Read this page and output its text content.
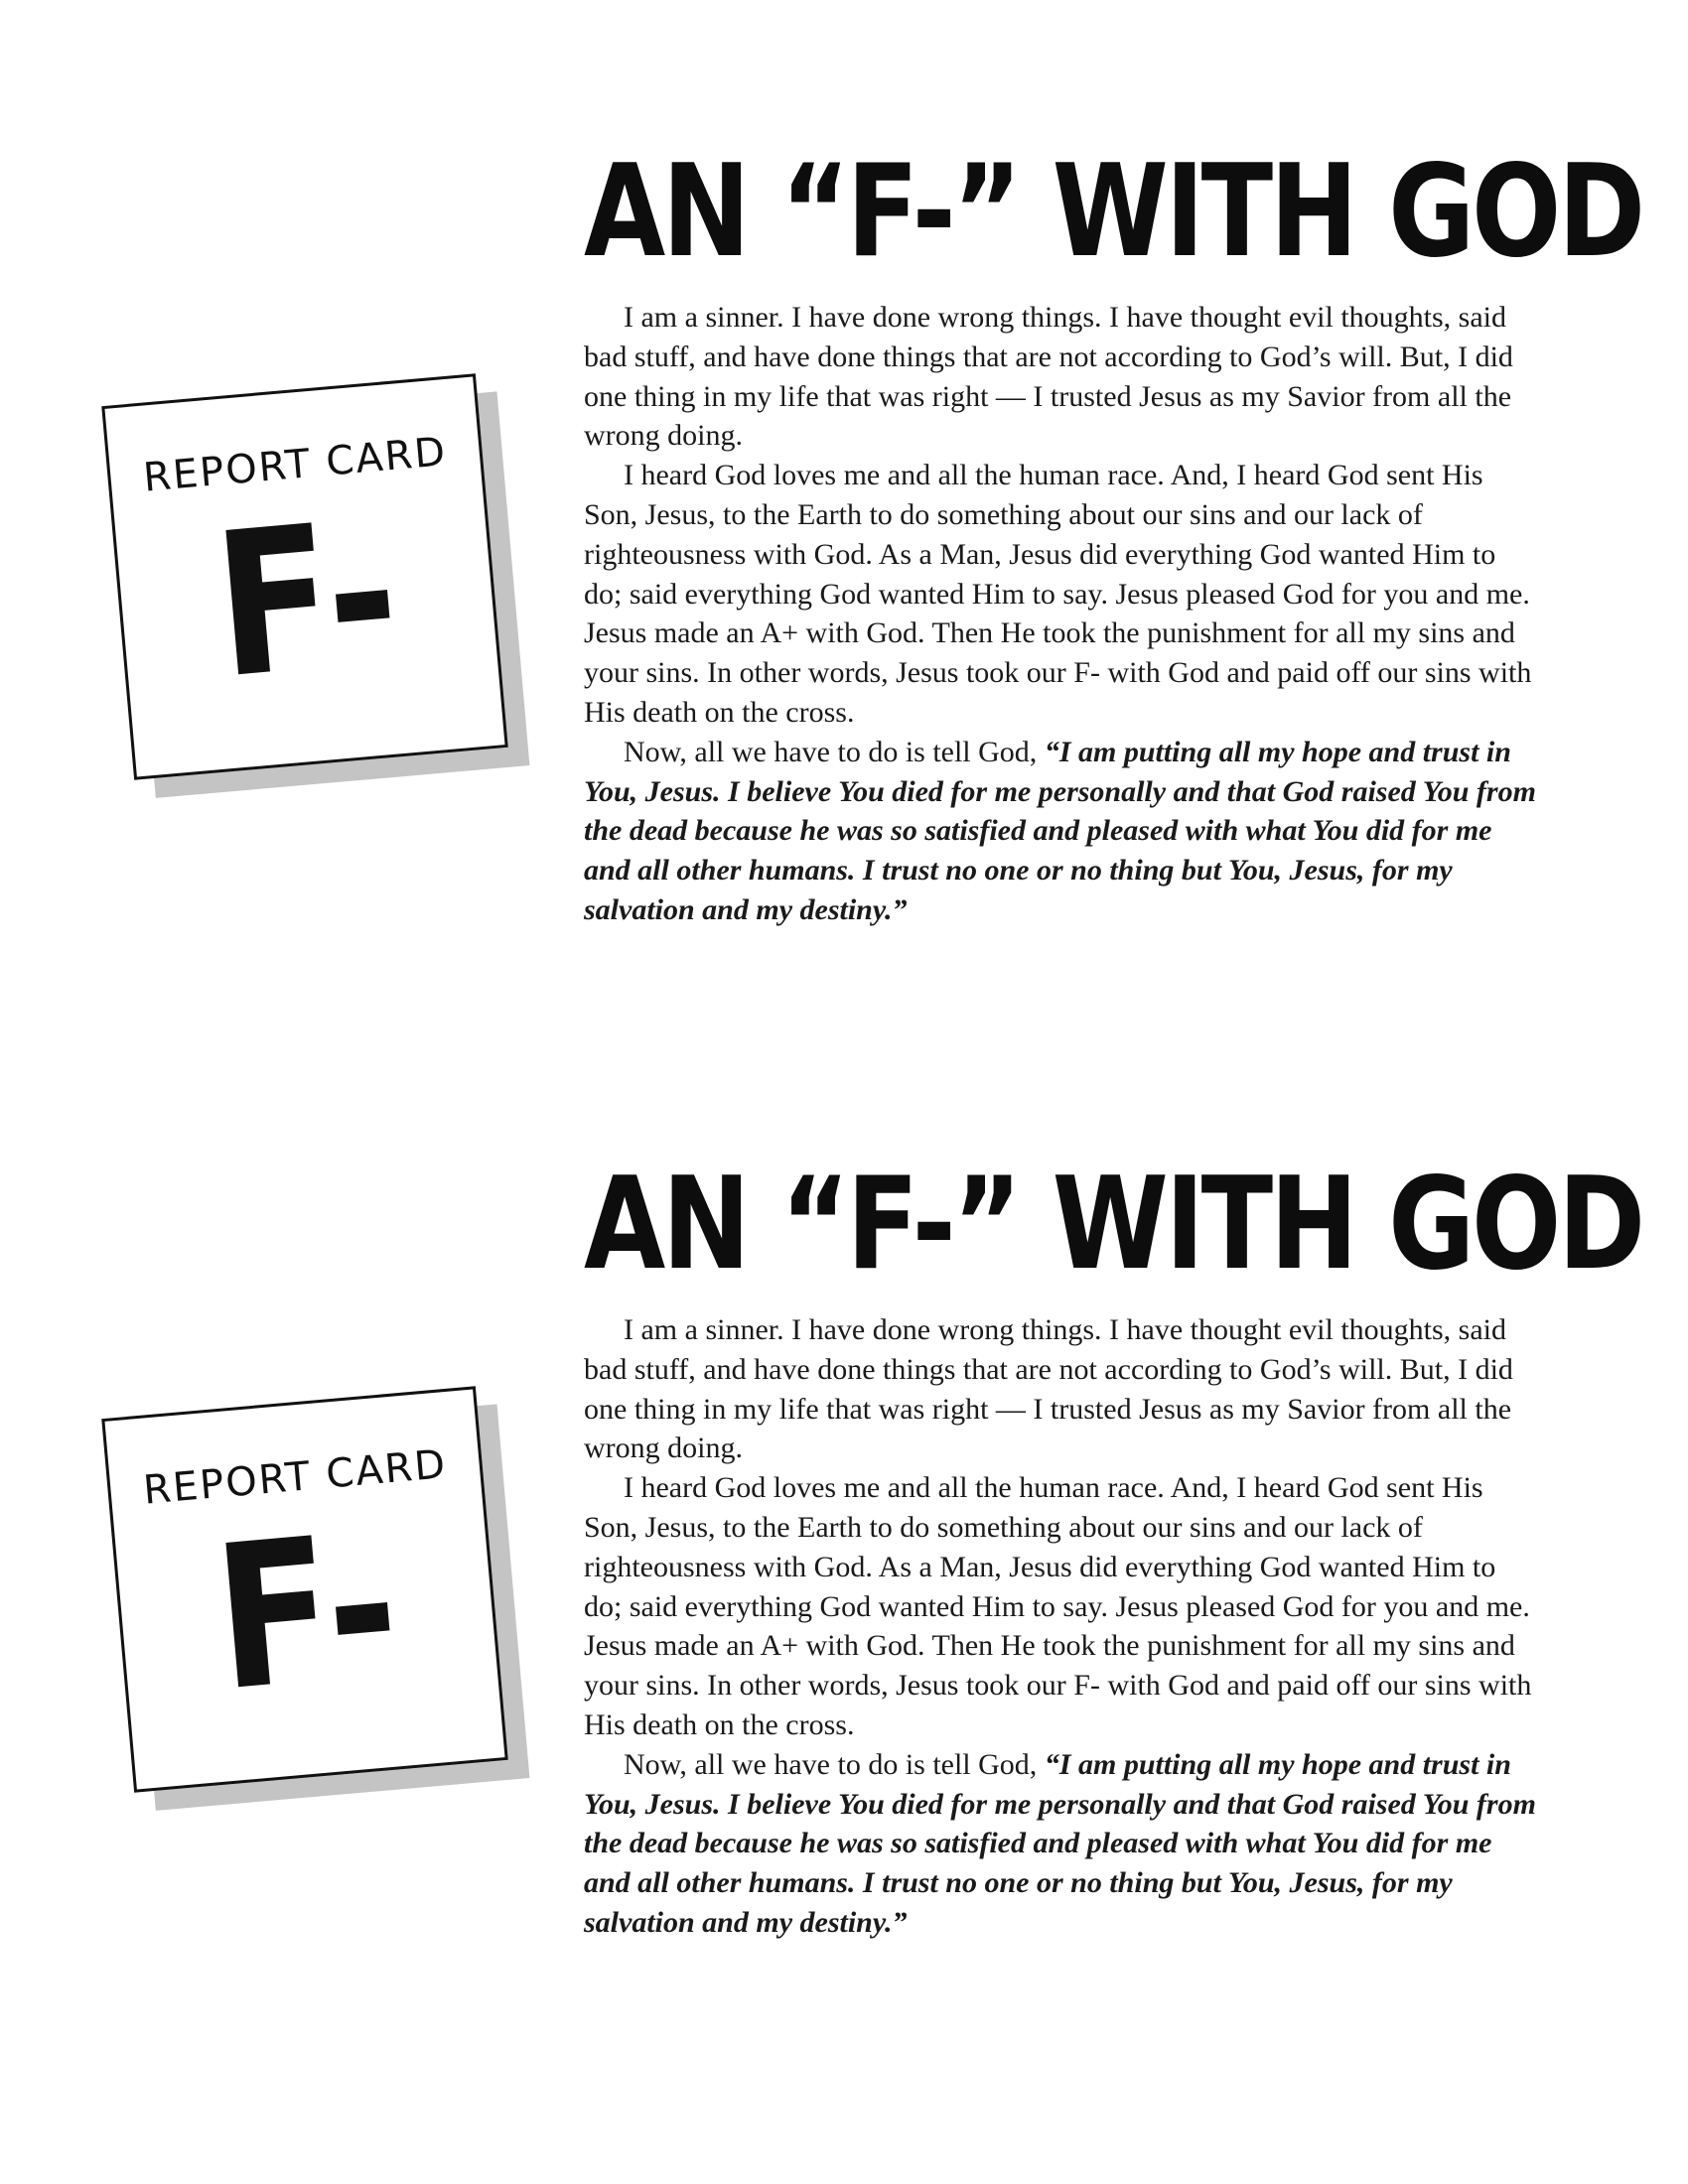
REPORT CARD
F-
AN “F-” WITH GOD

I am a sinner. I have done wrong things. I have thought evil thoughts, said bad stuff, and have done things that are not according to God’s will. But, I did one thing in my life that was right — I trusted Jesus as my Savior from all the wrong doing.

I heard God loves me and all the human race. And, I heard God sent His Son, Jesus, to the Earth to do something about our sins and our lack of righteousness with God. As a Man, Jesus did everything God wanted Him to do; said everything God wanted Him to say. Jesus pleased God for you and me. Jesus made an A+ with God. Then He took the punishment for all my sins and your sins. In other words, Jesus took our F- with God and paid off our sins with His death on the cross.

Now, all we have to do is tell God, “I am putting all my hope and trust in You, Jesus. I believe You died for me personally and that God raised You from the dead because he was so satisfied and pleased with what You did for me and all other humans. I trust no one or no thing but You, Jesus, for my salvation and my destiny.”

REPORT CARD
F-
AN “F-” WITH GOD

I am a sinner. I have done wrong things. I have thought evil thoughts, said bad stuff, and have done things that are not according to God’s will. But, I did one thing in my life that was right — I trusted Jesus as my Savior from all the wrong doing.

I heard God loves me and all the human race. And, I heard God sent His Son, Jesus, to the Earth to do something about our sins and our lack of righteousness with God. As a Man, Jesus did everything God wanted Him to do; said everything God wanted Him to say. Jesus pleased God for you and me. Jesus made an A+ with God. Then He took the punishment for all my sins and your sins. In other words, Jesus took our F- with God and paid off our sins with His death on the cross.

Now, all we have to do is tell God, “I am putting all my hope and trust in You, Jesus. I believe You died for me personally and that God raised You from the dead because he was so satisfied and pleased with what You did for me and all other humans. I trust no one or no thing but You, Jesus, for my salvation and my destiny.”
